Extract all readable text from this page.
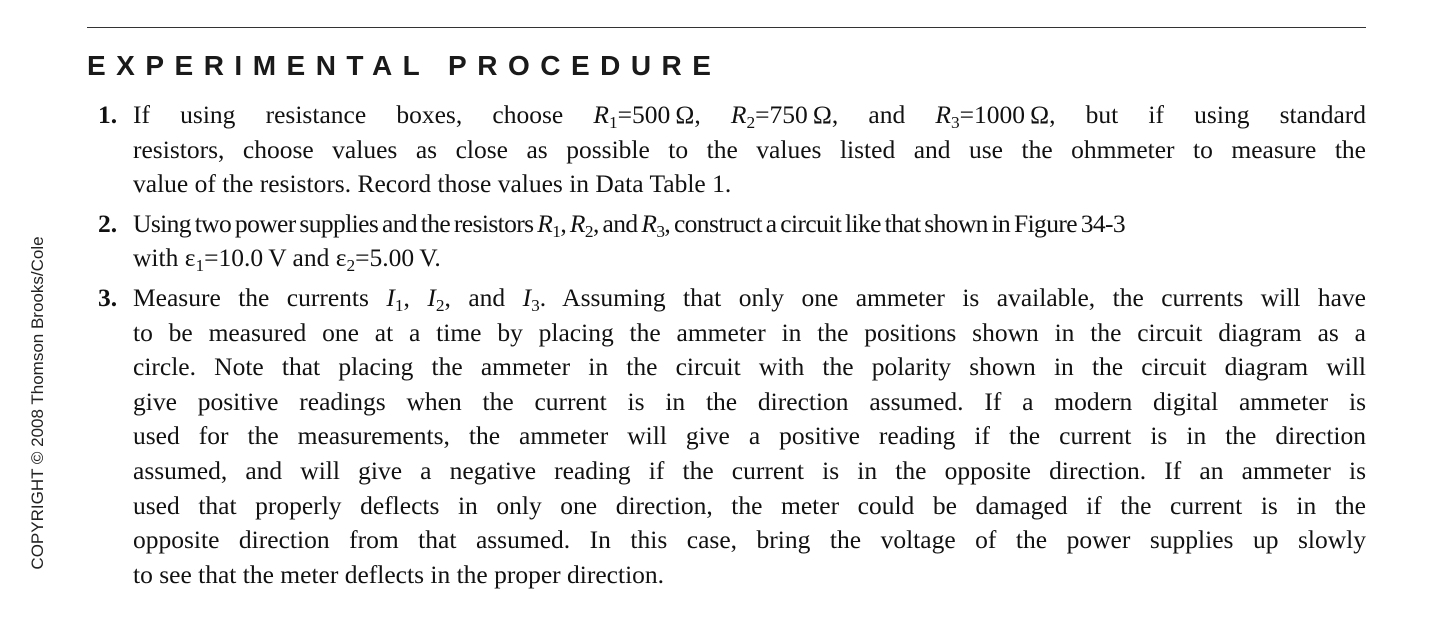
EXPERIMENTAL PROCEDURE
COPYRIGHT © 2008 Thomson Brooks/Cole
1. If using resistance boxes, choose $R_1=500$ Ω, $R_2=750$ Ω, and $R_3=1000$ Ω, but if using standard
resistors, choose values as close as possible to the values listed and use the ohmmeter to measure the
value of the resistors. Record those values in Data Table 1.
2. Using two power supplies and the resistors $R_1$, $R_2$, and $R_3$, construct a circuit like that shown in Figure 34-3
with $\varepsilon_1=10.0$ V and $\varepsilon_2=5.00$ V.
3. Measure the currents $I_1$, $I_2$, and $I_3$. Assuming that only one ammeter is available, the currents will have
to be measured one at a time by placing the ammeter in the positions shown in the circuit diagram as a
circle. Note that placing the ammeter in the circuit with the polarity shown in the circuit diagram will
give positive readings when the current is in the direction assumed. If a modern digital ammeter is
used for the measurements, the ammeter will give a positive reading if the current is in the direction
assumed, and will give a negative reading if the current is in the opposite direction. If an ammeter is
used that properly deflects in only one direction, the meter could be damaged if the current is in the
opposite direction from that assumed. In this case, bring the voltage of the power supplies up slowly
to see that the meter deflects in the proper direction.
